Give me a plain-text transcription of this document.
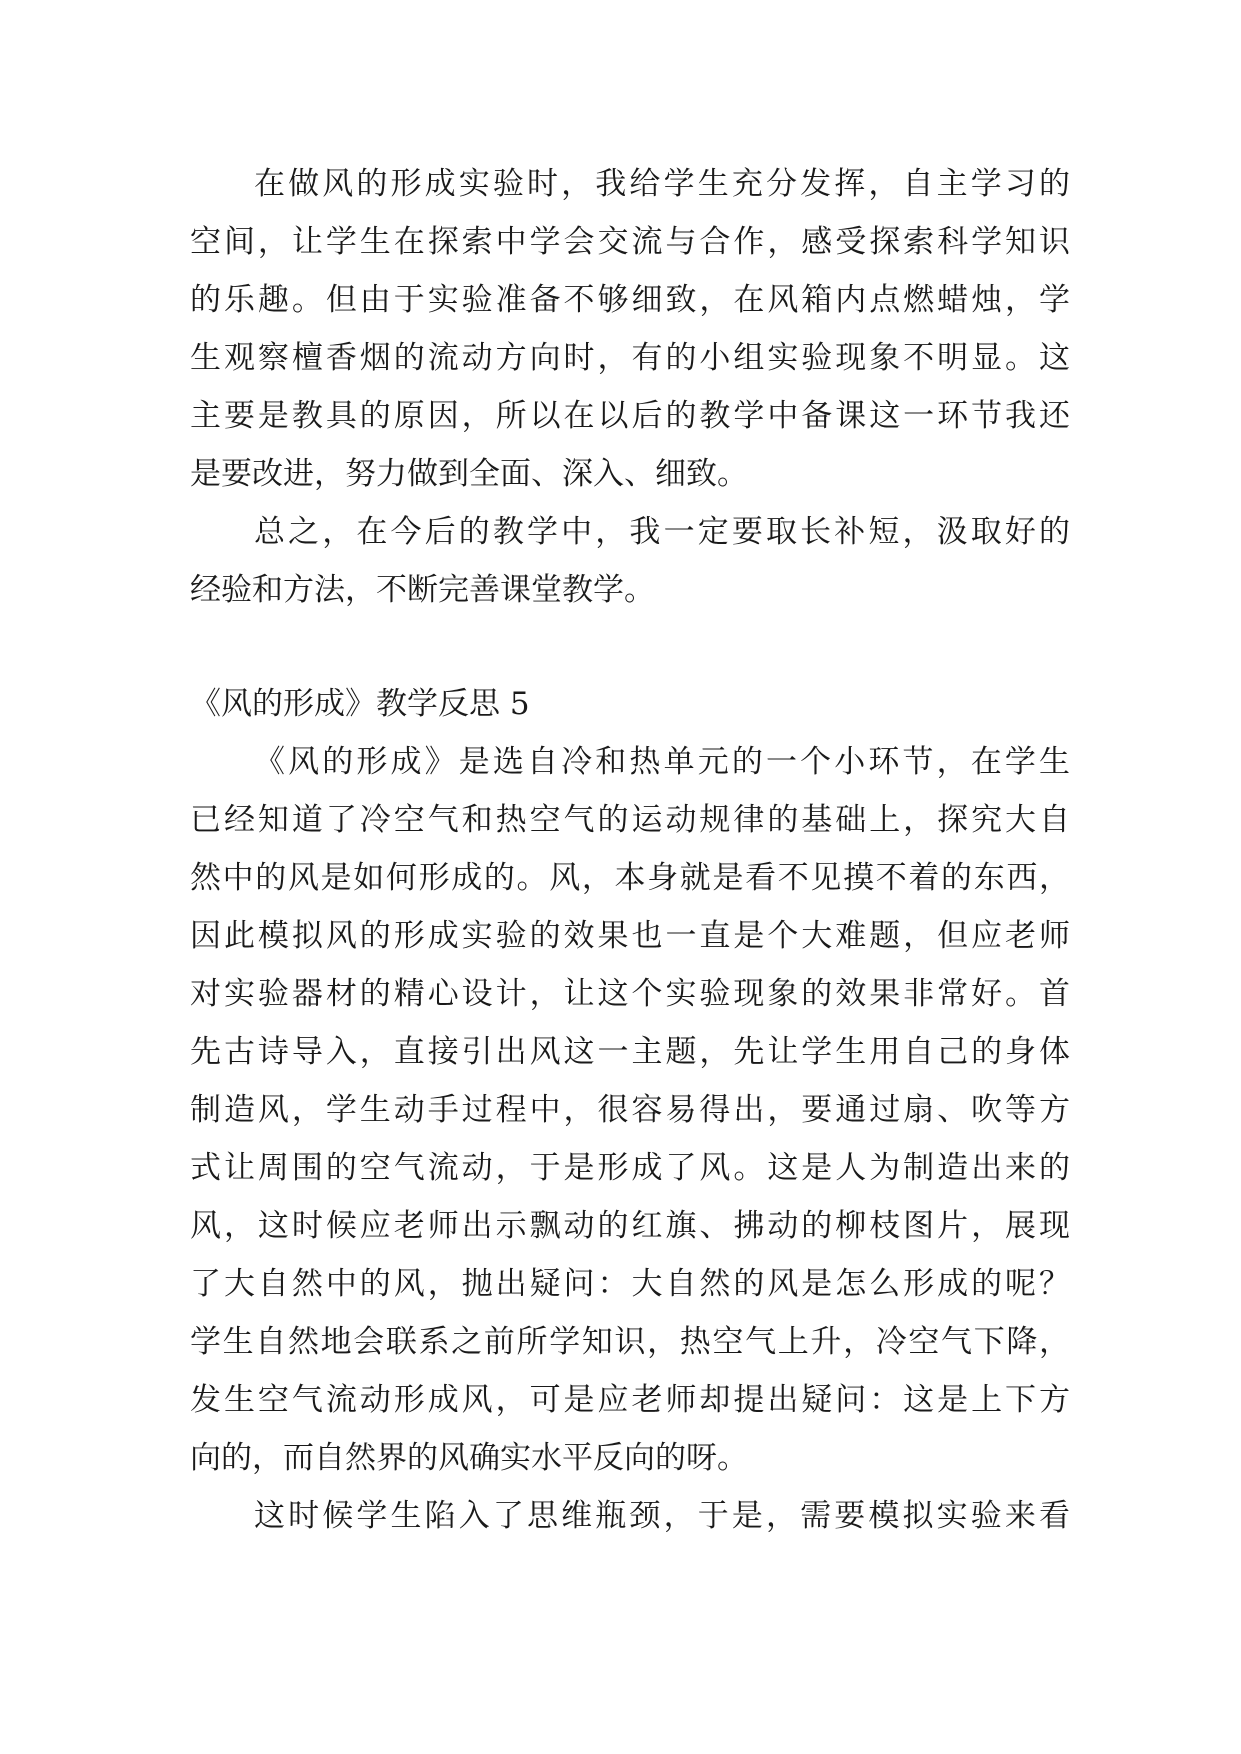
在做风的形成实验时，我给学生充分发挥，自主学习的
空间，让学生在探索中学会交流与合作，感受探索科学知识
的乐趣。但由于实验准备不够细致，在风箱内点燃蜡烛，学
生观察檀香烟的流动方向时，有的小组实验现象不明显。这
主要是教具的原因，所以在以后的教学中备课这一环节我还
是要改进，努力做到全面、深入、细致。
总之，在今后的教学中，我一定要取长补短，汲取好的
经验和方法，不断完善课堂教学。
《风的形成》教学反思 5
《风的形成》是选自冷和热单元的一个小环节，在学生
已经知道了冷空气和热空气的运动规律的基础上，探究大自
然中的风是如何形成的。风，本身就是看不见摸不着的东西，
因此模拟风的形成实验的效果也一直是个大难题，但应老师
对实验器材的精心设计，让这个实验现象的效果非常好。首
先古诗导入，直接引出风这一主题，先让学生用自己的身体
制造风，学生动手过程中，很容易得出，要通过扇、吹等方
式让周围的空气流动，于是形成了风。这是人为制造出来的
风，这时候应老师出示飘动的红旗、拂动的柳枝图片，展现
了大自然中的风，抛出疑问：大自然的风是怎么形成的呢？
学生自然地会联系之前所学知识，热空气上升，冷空气下降，
发生空气流动形成风，可是应老师却提出疑问：这是上下方
向的，而自然界的风确实水平反向的呀。
这时候学生陷入了思维瓶颈，于是，需要模拟实验来看
